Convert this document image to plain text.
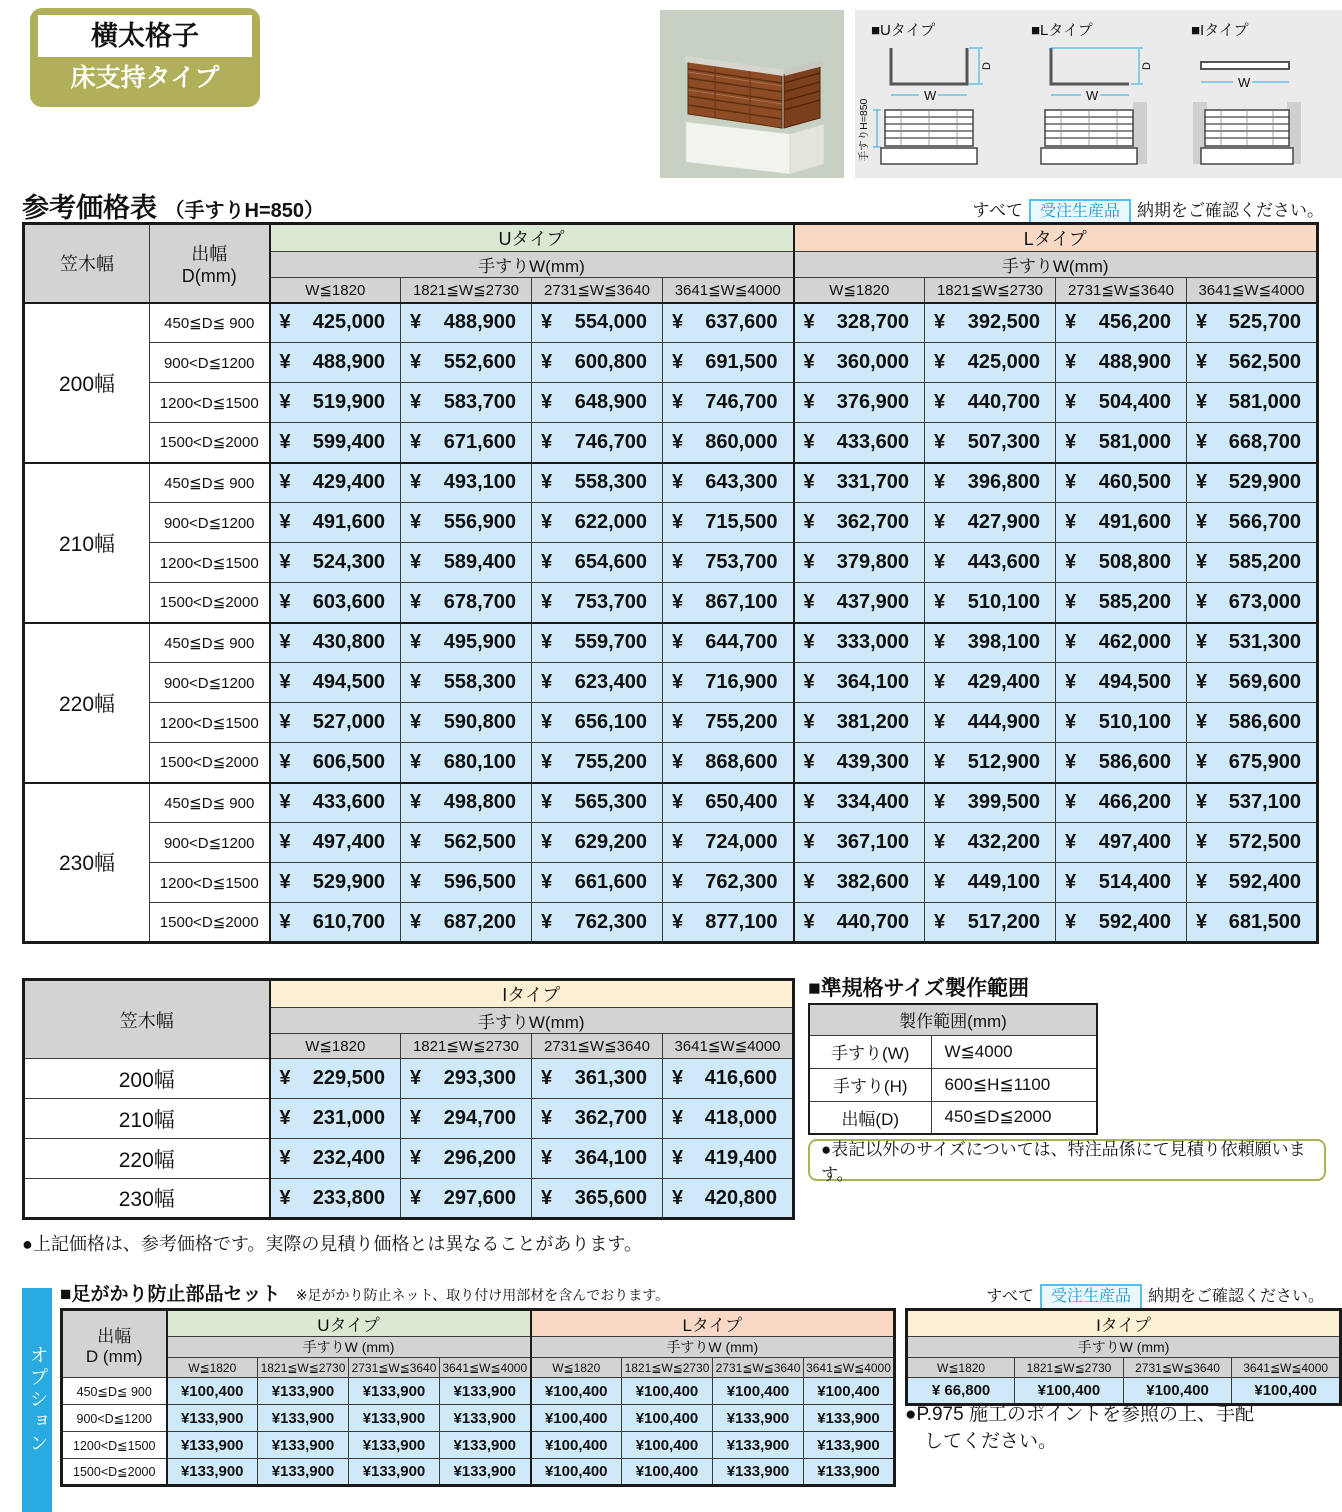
横太格子
床支持タイプ
■Uタイプ	■Lタイプ	■Iタイプ
D
W
手すりH=850
D
W
W
参考価格表 （手すりH=850）	すべて 受注生産品 納期をご確認ください。
笠木幅	出幅
D(mm)	Uタイプ				Lタイプ			
		手すりW(mm)				手すりW(mm)			
		W≦1820	1821≦W≦2730	2731≦W≦3640	3641≦W≦4000	W≦1820	1821≦W≦2730	2731≦W≦3640	3641≦W≦4000
200幅	450≦D≦ 900	¥ 425,000	¥ 488,900	¥ 554,000	¥ 637,600	¥ 328,700	¥ 392,500	¥ 456,200	¥ 525,700

	900<D≦1200	¥ 488,900	¥ 552,600	¥ 600,800	¥ 691,500	¥ 360,000	¥ 425,000	¥ 488,900	¥ 562,500

	1200<D≦1500	¥ 519,900	¥ 583,700	¥ 648,900	¥ 746,700	¥ 376,900	¥ 440,700	¥ 504,400	¥ 581,000

	1500<D≦2000	¥ 599,400	¥ 671,600	¥ 746,700	¥ 860,000	¥ 433,600	¥ 507,300	¥ 581,000	¥ 668,700

210幅	450≦D≦ 900	¥ 429,400	¥ 493,100	¥ 558,300	¥ 643,300	¥ 331,700	¥ 396,800	¥ 460,500	¥ 529,900

	900<D≦1200	¥ 491,600	¥ 556,900	¥ 622,000	¥ 715,500	¥ 362,700	¥ 427,900	¥ 491,600	¥ 566,700

	1200<D≦1500	¥ 524,300	¥ 589,400	¥ 654,600	¥ 753,700	¥ 379,800	¥ 443,600	¥ 508,800	¥ 585,200

	1500<D≦2000	¥ 603,600	¥ 678,700	¥ 753,700	¥ 867,100	¥ 437,900	¥ 510,100	¥ 585,200	¥ 673,000

220幅	450≦D≦ 900	¥ 430,800	¥ 495,900	¥ 559,700	¥ 644,700	¥ 333,000	¥ 398,100	¥ 462,000	¥ 531,300

	900<D≦1200	¥ 494,500	¥ 558,300	¥ 623,400	¥ 716,900	¥ 364,100	¥ 429,400	¥ 494,500	¥ 569,600

	1200<D≦1500	¥ 527,000	¥ 590,800	¥ 656,100	¥ 755,200	¥ 381,200	¥ 444,900	¥ 510,100	¥ 586,600

	1500<D≦2000	¥ 606,500	¥ 680,100	¥ 755,200	¥ 868,600	¥ 439,300	¥ 512,900	¥ 586,600	¥ 675,900

230幅	450≦D≦ 900	¥ 433,600	¥ 498,800	¥ 565,300	¥ 650,400	¥ 334,400	¥ 399,500	¥ 466,200	¥ 537,100

	900<D≦1200	¥ 497,400	¥ 562,500	¥ 629,200	¥ 724,000	¥ 367,100	¥ 432,200	¥ 497,400	¥ 572,500

	1200<D≦1500	¥ 529,900	¥ 596,500	¥ 661,600	¥ 762,300	¥ 382,600	¥ 449,100	¥ 514,400	¥ 592,400

	1500<D≦2000	¥ 610,700	¥ 687,200	¥ 762,300	¥ 877,100	¥ 440,700	¥ 517,200	¥ 592,400	¥ 681,500
笠木幅	Iタイプ			
	手すりW(mm)			
	W≦1820	1821≦W≦2730	2731≦W≦3640	3641≦W≦4000
200幅	¥ 229,500	¥ 293,300	¥ 361,300	¥ 416,600

210幅	¥ 231,000	¥ 294,700	¥ 362,700	¥ 418,000

220幅	¥ 232,400	¥ 296,200	¥ 364,100	¥ 419,400

230幅	¥ 233,800	¥ 297,600	¥ 365,600	¥ 420,800
■準規格サイズ製作範囲
製作範囲(mm)	
手すり(W)	W≦4000
手すり(H)	600≦H≦1100
出幅(D)	450≦D≦2000
●表記以外のサイズについては、特注品係にて見積り依頼願います。
●上記価格は、参考価格です。実際の見積り価格とは異なることがあります。
オプション
■足がかり防止部品セット ※足がかり防止ネット、取り付け用部材を含んでおります。	すべて 受注生産品 納期をご確認ください。
出幅
D (mm)	Uタイプ				Lタイプ			
	手すりW (mm)				手すりW (mm)			
	W≦1820	1821≦W≦2730	2731≦W≦3640	3641≦W≦4000	W≦1820	1821≦W≦2730	2731≦W≦3640	3641≦W≦4000
450≦D≦ 900	¥100,400	¥133,900	¥133,900	¥133,900	¥100,400	¥100,400	¥100,400	¥100,400
900<D≦1200	¥133,900	¥133,900	¥133,900	¥133,900	¥100,400	¥100,400	¥133,900	¥133,900
1200<D≦1500	¥133,900	¥133,900	¥133,900	¥133,900	¥100,400	¥100,400	¥133,900	¥133,900
1500<D≦2000	¥133,900	¥133,900	¥133,900	¥133,900	¥100,400	¥100,400	¥133,900	¥133,900
Iタイプ			
手すりW (mm)			
W≦1820	1821≦W≦2730	2731≦W≦3640	3641≦W≦4000
¥ 66,800	¥100,400	¥100,400	¥100,400
●P.975 施工のポイントを参照の上、手配
してください。
